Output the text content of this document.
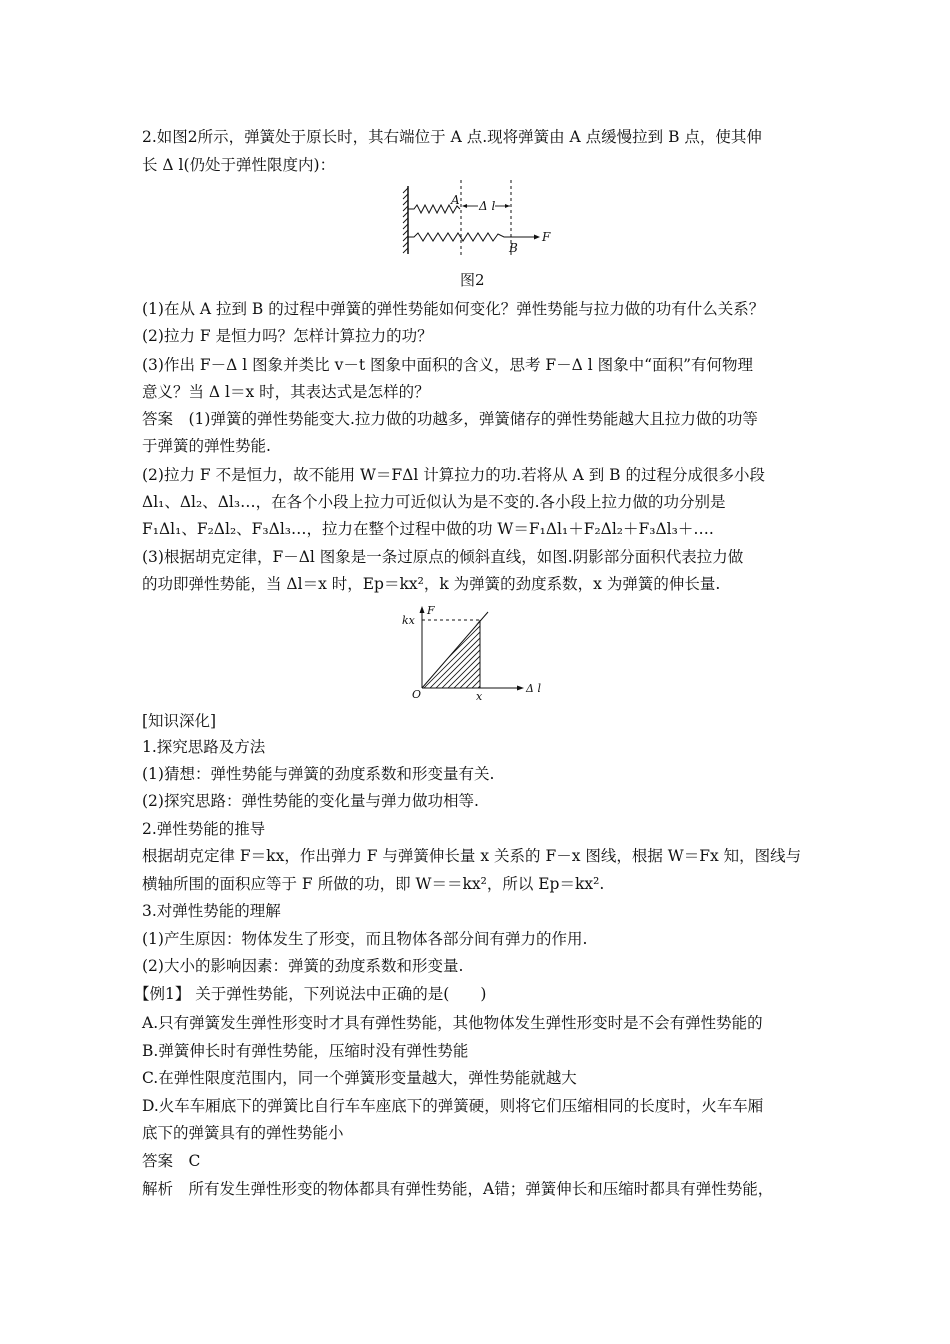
2.如图2所示，弹簧处于原长时，其右端位于 A 点.现将弹簧由 A 点缓慢拉到 B 点，使其伸
长 Δ l(仍处于弹性限度内)：
Δ l
A
F
B
图2
(1)在从 A 拉到 B 的过程中弹簧的弹性势能如何变化？弹性势能与拉力做的功有什么关系？
(2)拉力 F 是恒力吗？怎样计算拉力的功？
(3)作出 F－Δ l 图象并类比 v－t 图象中面积的含义，思考 F－Δ l 图象中“面积”有何物理
意义？当 Δ l＝x 时，其表达式是怎样的？
答案　(1)弹簧的弹性势能变大.拉力做的功越多，弹簧储存的弹性势能越大且拉力做的功等
于弹簧的弹性势能.
(2)拉力 F 不是恒力，故不能用 W＝FΔl 计算拉力的功.若将从 A 到 B 的过程分成很多小段
Δl₁、Δl₂、Δl₃…，在各个小段上拉力可近似认为是不变的.各小段上拉力做的功分别是
F₁Δl₁、F₂Δl₂、F₃Δl₃…，拉力在整个过程中做的功 W＝F₁Δl₁＋F₂Δl₂＋F₃Δl₃＋….
(3)根据胡克定律，F－Δl 图象是一条过原点的倾斜直线，如图.阴影部分面积代表拉力做
的功即弹性势能，当 Δl＝x 时，Ep＝kx²，k 为弹簧的劲度系数，x 为弹簧的伸长量.
F
kx
O	x
Δ l
[知识深化]
1.探究思路及方法
(1)猜想：弹性势能与弹簧的劲度系数和形变量有关.
(2)探究思路：弹性势能的变化量与弹力做功相等.
2.弹性势能的推导
根据胡克定律 F＝kx，作出弹力 F 与弹簧伸长量 x 关系的 F－x 图线，根据 W＝Fx 知，图线与
横轴所围的面积应等于 F 所做的功，即 W＝＝kx²，所以 Ep＝kx².
3.对弹性势能的理解
(1)产生原因：物体发生了形变，而且物体各部分间有弹力的作用.
(2)大小的影响因素：弹簧的劲度系数和形变量.
【例1】 关于弹性势能，下列说法中正确的是(　　)
A.只有弹簧发生弹性形变时才具有弹性势能，其他物体发生弹性形变时是不会有弹性势能的
B.弹簧伸长时有弹性势能，压缩时没有弹性势能
C.在弹性限度范围内，同一个弹簧形变量越大，弹性势能就越大
D.火车车厢底下的弹簧比自行车车座底下的弹簧硬，则将它们压缩相同的长度时，火车车厢
底下的弹簧具有的弹性势能小
答案　C
解析　所有发生弹性形变的物体都具有弹性势能，A错；弹簧伸长和压缩时都具有弹性势能，
